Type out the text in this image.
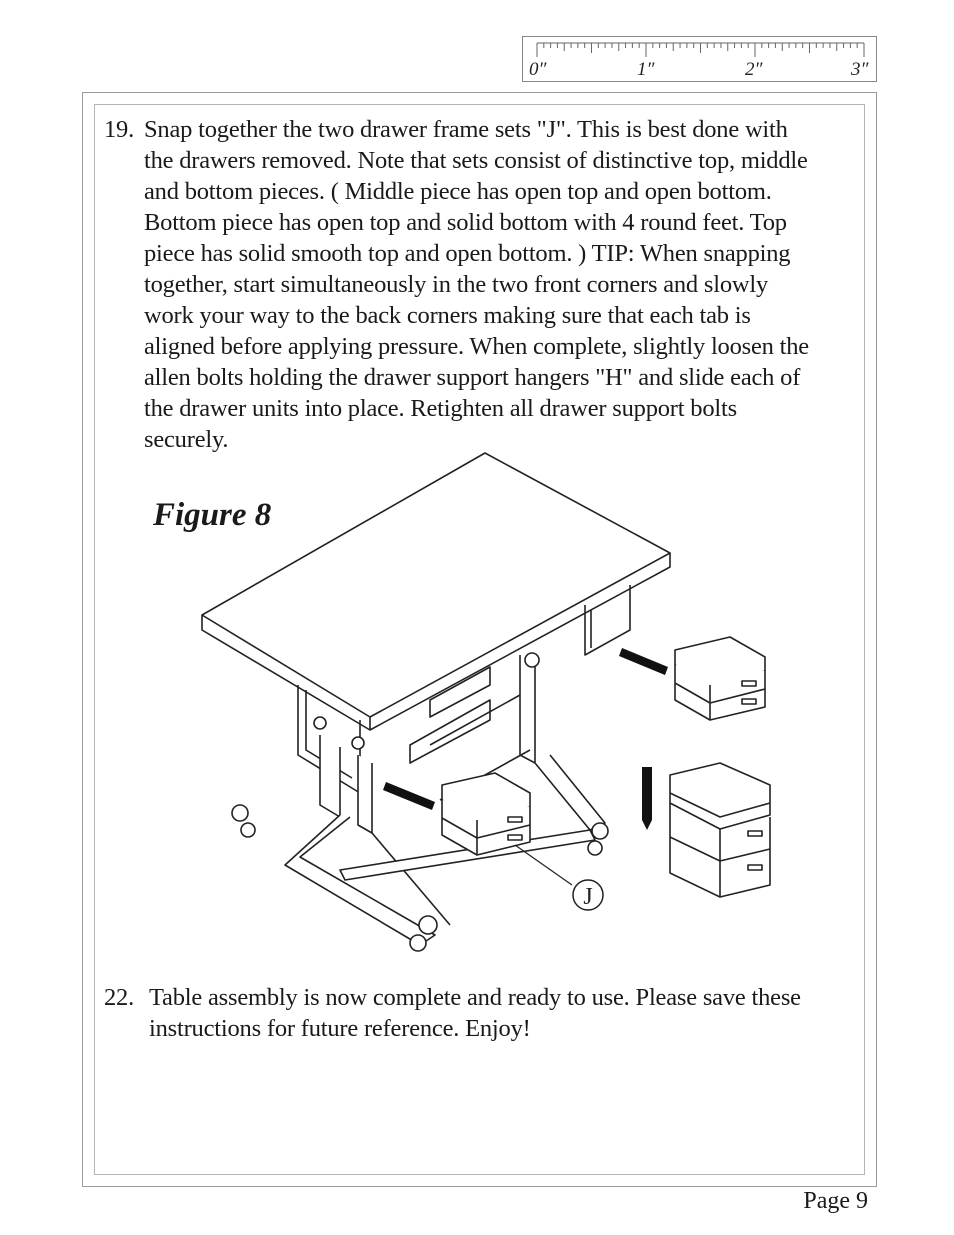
0″	1″	2″	3″
19. Snap together the two drawer frame sets "J". This is best done with
the drawers removed. Note that sets consist of distinctive top, middle
and bottom pieces. ( Middle piece has open top and open bottom.
Bottom piece has open top and solid bottom with 4 round feet. Top
piece has solid smooth top and open bottom. ) TIP: When snapping
together, start simultaneously in the two front corners and slowly
work your way to the back corners making sure that each tab is
aligned before applying pressure. When complete, slightly loosen the
allen bolts holding the drawer support hangers "H" and slide each of
the drawer units into place. Retighten all drawer support bolts
securely.
Figure 8
J
22. Table assembly is now complete and ready to use. Please save these
instructions for future reference. Enjoy!
Page 9
